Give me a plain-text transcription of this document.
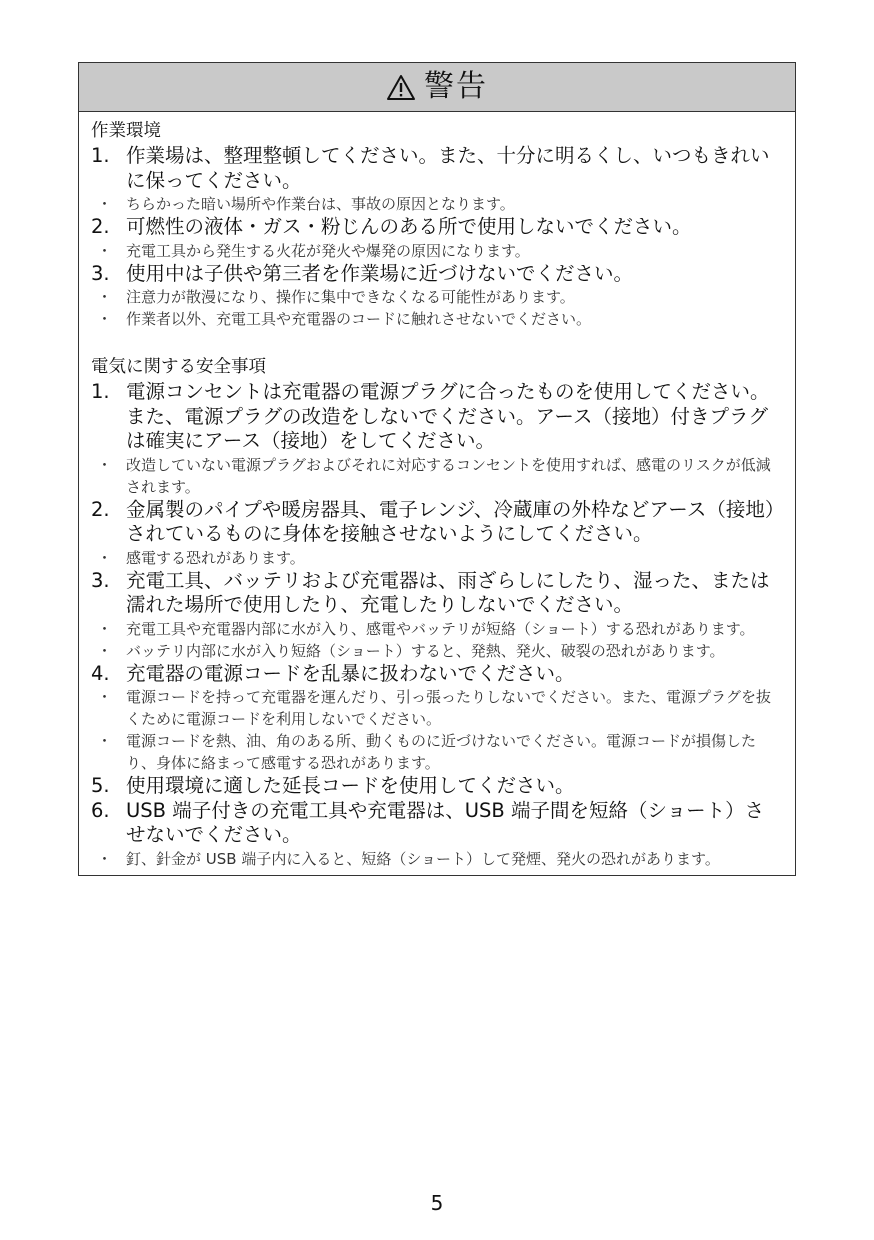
警告
作業環境
1. 作業場は、整理整頓してください。また、十分に明るくし、いつもきれいに保ってください。
・ ちらかった暗い場所や作業台は、事故の原因となります。
2. 可燃性の液体・ガス・粉じんのある所で使用しないでください。
・ 充電工具から発生する火花が発火や爆発の原因になります。
3. 使用中は子供や第三者を作業場に近づけないでください。
・ 注意力が散漫になり、操作に集中できなくなる可能性があります。
・ 作業者以外、充電工具や充電器のコードに触れさせないでください。
電気に関する安全事項
1. 電源コンセントは充電器の電源プラグに合ったものを使用してください。また、電源プラグの改造をしないでください。アース（接地）付きプラグは確実にアース（接地）をしてください。
・ 改造していない電源プラグおよびそれに対応するコンセントを使用すれば、感電のリスクが低減されます。
2. 金属製のパイプや暖房器具、電子レンジ、冷蔵庫の外枠などアース（接地）されているものに身体を接触させないようにしてください。
・ 感電する恐れがあります。
3. 充電工具、バッテリおよび充電器は、雨ざらしにしたり、湿った、または濡れた場所で使用したり、充電したりしないでください。
・ 充電工具や充電器内部に水が入り、感電やバッテリが短絡（ショート）する恐れがあります。
・ バッテリ内部に水が入り短絡（ショート）すると、発熱、発火、破裂の恐れがあります。
4. 充電器の電源コードを乱暴に扱わないでください。
・ 電源コードを持って充電器を運んだり、引っ張ったりしないでください。また、電源プラグを抜くために電源コードを利用しないでください。
・ 電源コードを熱、油、角のある所、動くものに近づけないでください。電源コードが損傷したり、身体に絡まって感電する恐れがあります。
5. 使用環境に適した延長コードを使用してください。
6. USB 端子付きの充電工具や充電器は、USB 端子間を短絡（ショート）させないでください。
・ 釘、針金が USB 端子内に入ると、短絡（ショート）して発煙、発火の恐れがあります。
5
